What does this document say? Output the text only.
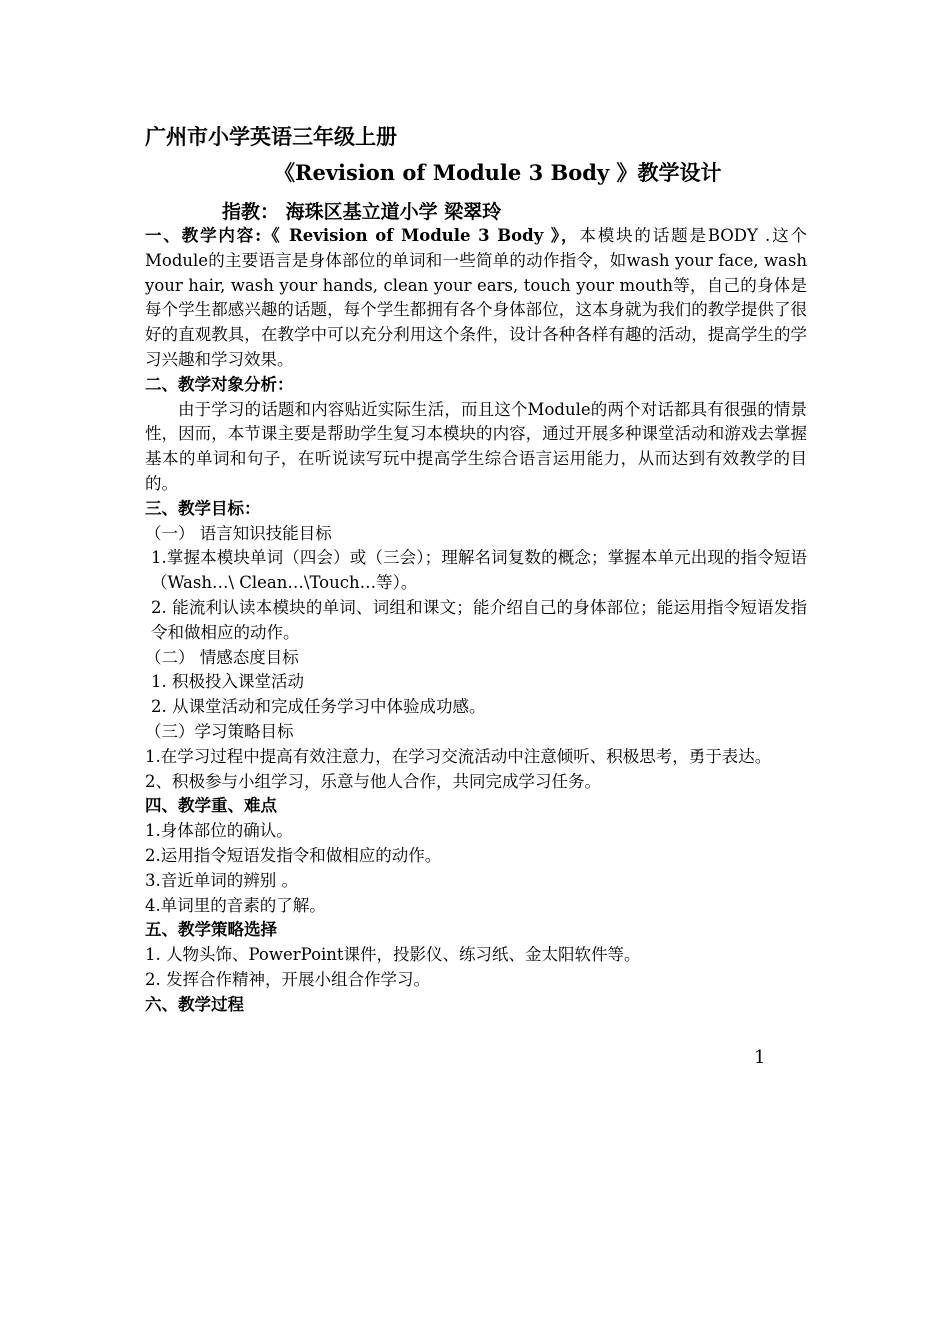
广州市小学英语三年级上册
《Revision of Module 3 Body 》教学设计
指教： 海珠区基立道小学 梁翠玲

一、教学内容:《 Revision of Module 3 Body 》，本模块的话题是BODY .这个Module的主要语言是身体部位的单词和一些简单的动作指令，如wash your face, wash your hair, wash your hands, clean your ears, touch your mouth等，自己的身体是每个学生都感兴趣的话题，每个学生都拥有各个身体部位，这本身就为我们的教学提供了很好的直观教具，在教学中可以充分利用这个条件，设计各种各样有趣的活动，提高学生的学习兴趣和学习效果。

二、教学对象分析：

由于学习的话题和内容贴近实际生活，而且这个Module的两个对话都具有很强的情景性，因而，本节课主要是帮助学生复习本模块的内容，通过开展多种课堂活动和游戏去掌握基本的单词和句子，在听说读写玩中提高学生综合语言运用能力，从而达到有效教学的目的。

三、教学目标：

（一） 语言知识技能目标

1.掌握本模块单词（四会）或（三会）；理解名词复数的概念；掌握本单元出现的指令短语（Wash…\ Clean…\Touch…等）。

2. 能流利认读本模块的单词、词组和课文；能介绍自己的身体部位；能运用指令短语发指令和做相应的动作。

（二） 情感态度目标

1. 积极投入课堂活动

2. 从课堂活动和完成任务学习中体验成功感。

（三）学习策略目标

1.在学习过程中提高有效注意力，在学习交流活动中注意倾听、积极思考，勇于表达。

2、积极参与小组学习，乐意与他人合作，共同完成学习任务。

四、教学重、难点

1.身体部位的确认。

2.运用指令短语发指令和做相应的动作。

3.音近单词的辨别 。

4.单词里的音素的了解。

五、教学策略选择

1. 人物头饰、PowerPoint课件，投影仪、练习纸、金太阳软件等。

2. 发挥合作精神，开展小组合作学习。

六、教学过程

1
